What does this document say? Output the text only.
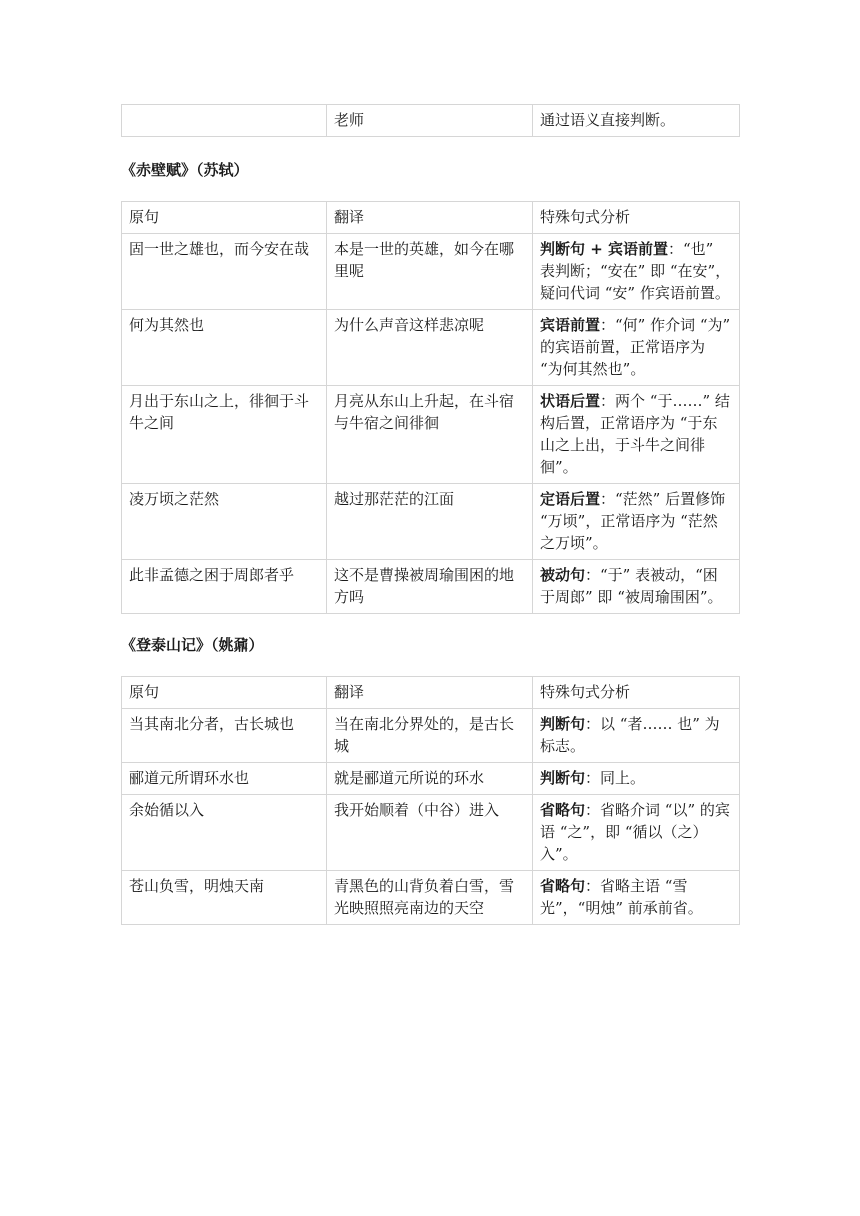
	老师	通过语义直接判断。

《赤壁赋》（苏轼）

原句	翻译	特殊句式分析
固一世之雄也，而今安在哉	本是一世的英雄，如今在哪里呢	判断句 + 宾语前置：“也” 表判断；“安在” 即 “在安”，疑问代词 “安” 作宾语前置。
何为其然也	为什么声音这样悲凉呢	宾语前置：“何” 作介词 “为” 的宾语前置，正常语序为 “为何其然也”。
月出于东山之上，徘徊于斗牛之间	月亮从东山上升起，在斗宿与牛宿之间徘徊	状语后置：两个 “于……” 结构后置，正常语序为 “于东山之上出，于斗牛之间徘徊”。
凌万顷之茫然	越过那茫茫的江面	定语后置：“茫然” 后置修饰 “万顷”，正常语序为 “茫然之万顷”。
此非孟德之困于周郎者乎	这不是曹操被周瑜围困的地方吗	被动句：“于” 表被动，“困于周郎” 即 “被周瑜围困”。

《登泰山记》（姚鼐）

原句	翻译	特殊句式分析
当其南北分者，古长城也	当在南北分界处的，是古长城	判断句：以 “者…… 也” 为标志。
郦道元所谓环水也	就是郦道元所说的环水	判断句：同上。
余始循以入	我开始顺着（中谷）进入	省略句：省略介词 “以” 的宾语 “之”，即 “循以（之）入”。
苍山负雪，明烛天南	青黑色的山背负着白雪，雪光映照照亮南边的天空	省略句：省略主语 “雪光”，“明烛” 前承前省。
